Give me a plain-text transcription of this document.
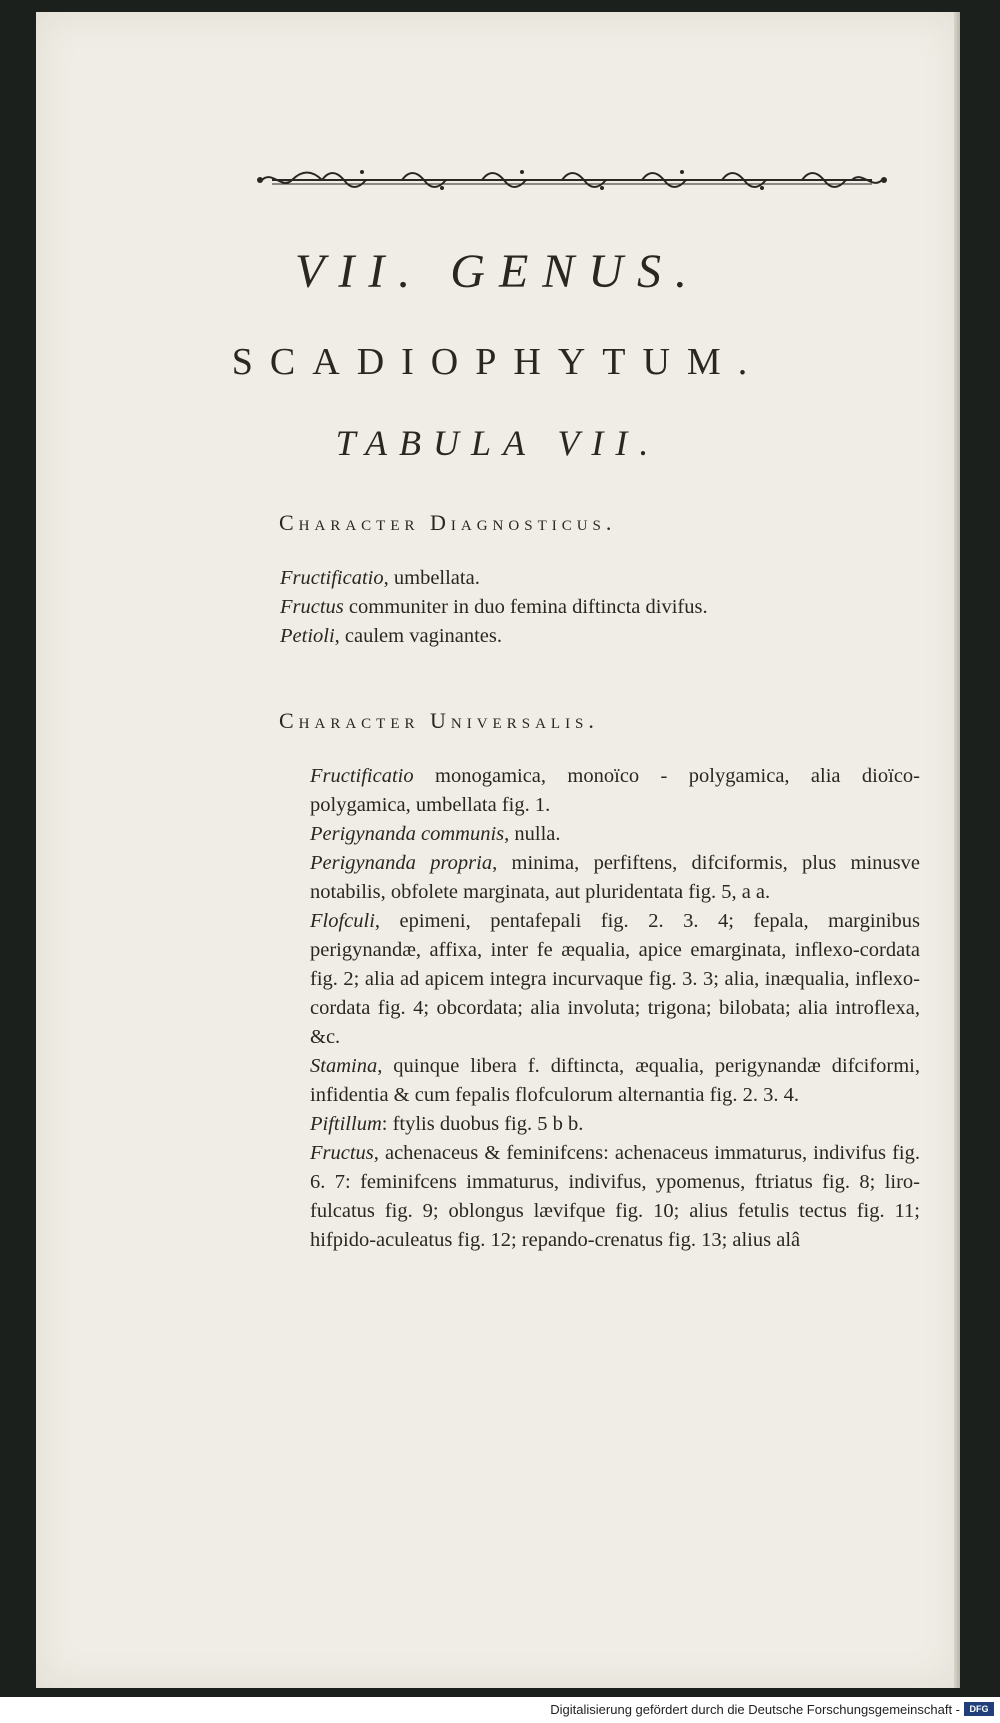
VII. GENUS.
SCADIOPHYTUM.
TABULA VII.
Character Diagnosticus.
Fructificatio, umbellata.
Fructus communiter in duo femina diftincta divifus.
Petioli, caulem vaginantes.
Character Universalis.
Fructificatio monogamica, monoïco - polygamica, alia dioïco-polygamica, umbellata fig. 1.
Perigynanda communis, nulla.
Perigynanda propria, minima, perfiftens, difciformis, plus minusve notabilis, obfolete marginata, aut pluridentata fig. 5, a a.
Flofculi, epimeni, pentafepali fig. 2. 3. 4; fepala, marginibus perigynandæ, affixa, inter fe æqualia, apice emarginata, inflexo-cordata fig. 2; alia ad apicem integra incurvaque fig. 3. 3; alia, inæqualia, inflexo-cordata fig. 4; obcordata; alia involuta; trigona; bilobata; alia introflexa, &c.
Stamina, quinque libera f. diftincta, æqualia, perigynandæ difciformi, infidentia & cum fepalis flofculorum alternantia fig. 2. 3. 4.
Piftillum: ftylis duobus fig. 5 b b.
Fructus, achenaceus & feminifcens: achenaceus immaturus, indivifus fig. 6. 7: feminifcens immaturus, indivifus, ypomenus, ftriatus fig. 8; liro-fulcatus fig. 9; oblongus lævifque fig. 10; alius fetulis tectus fig. 11; hifpido-aculeatus fig. 12; repando-crenatus fig. 13; alius alâ
Digitalisierung gefördert durch die Deutsche Forschungsgemeinschaft -	DFG
